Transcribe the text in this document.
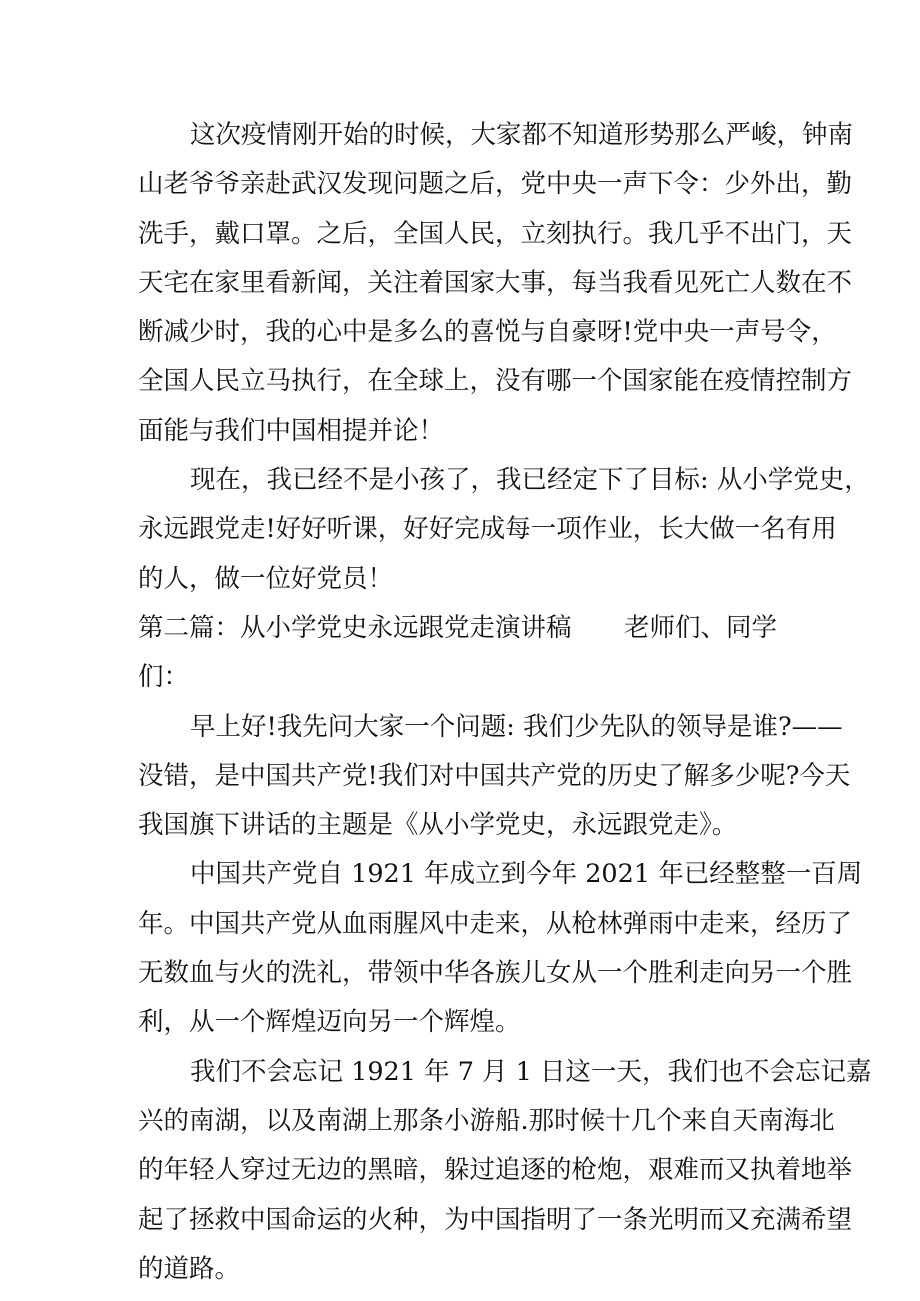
这次疫情刚开始的时候，大家都不知道形势那么严峻，钟南
山老爷爷亲赴武汉发现问题之后，党中央一声下令：少外出，勤
洗手，戴口罩。之后，全国人民，立刻执行。我几乎不出门，天
天宅在家里看新闻，关注着国家大事，每当我看见死亡人数在不
断减少时，我的心中是多么的喜悦与自豪呀!党中央一声号令，
全国人民立马执行，在全球上，没有哪一个国家能在疫情控制方
面能与我们中国相提并论！
现在，我已经不是小孩了，我已经定下了目标: 从小学党史，
永远跟党走!好好听课，好好完成每一项作业，长大做一名有用
的人，做一位好党员！
第二篇：从小学党史永远跟党走演讲稿 老师们、同学
们：
早上好!我先问大家一个问题: 我们少先队的领导是谁?——
没错，是中国共产党!我们对中国共产党的历史了解多少呢?今天
我国旗下讲话的主题是《从小学党史，永远跟党走》。
中国共产党自 1921 年成立到今年 2021 年已经整整一百周
年。中国共产党从血雨腥风中走来，从枪林弹雨中走来，经历了
无数血与火的洗礼，带领中华各族儿女从一个胜利走向另一个胜
利，从一个辉煌迈向另一个辉煌。
我们不会忘记 1921 年 7 月 1 日这一天，我们也不会忘记嘉
兴的南湖，以及南湖上那条小游船.那时候十几个来自天南海北
的年轻人穿过无边的黑暗，躲过追逐的枪炮，艰难而又执着地举
起了拯救中国命运的火种，为中国指明了一条光明而又充满希望
的道路。
